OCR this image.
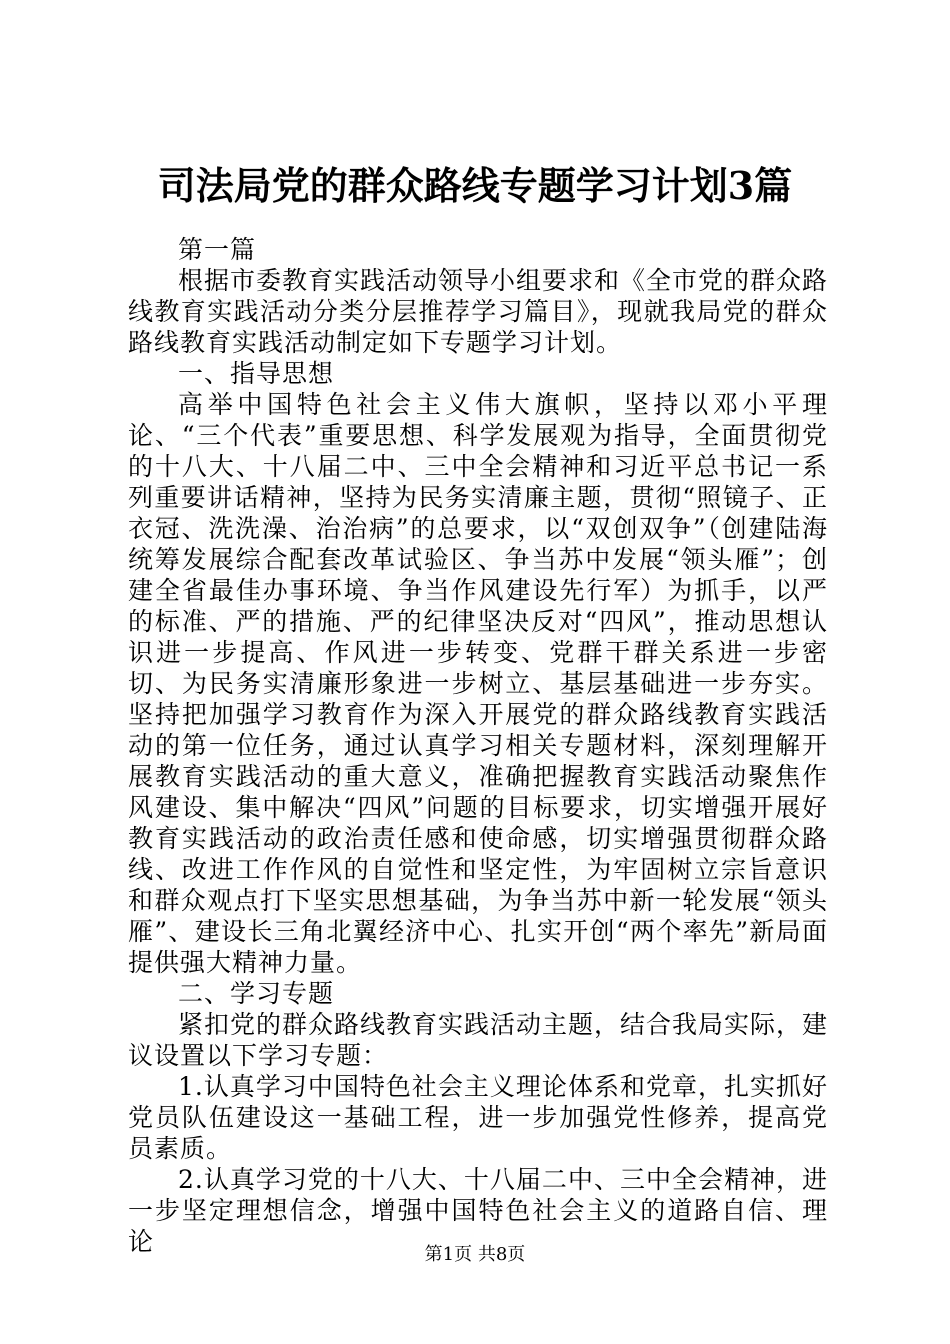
司法局党的群众路线专题学习计划3篇

第一篇

根据市委教育实践活动领导小组要求和《全市党的群众路线教育实践活动分类分层推荐学习篇目》，现就我局党的群众路线教育实践活动制定如下专题学习计划。

一、指导思想

高举中国特色社会主义伟大旗帜，坚持以邓小平理论、“三个代表”重要思想、科学发展观为指导，全面贯彻党的十八大、十八届二中、三中全会精神和习近平总书记一系列重要讲话精神，坚持为民务实清廉主题，贯彻“照镜子、正衣冠、洗洗澡、治治病”的总要求，以“双创双争”（创建陆海统筹发展综合配套改革试验区、争当苏中发展“领头雁”；创建全省最佳办事环境、争当作风建设先行军）为抓手，以严的标准、严的措施、严的纪律坚决反对“四风”，推动思想认识进一步提高、作风进一步转变、党群干群关系进一步密切、为民务实清廉形象进一步树立、基层基础进一步夯实。坚持把加强学习教育作为深入开展党的群众路线教育实践活动的第一位任务，通过认真学习相关专题材料，深刻理解开展教育实践活动的重大意义，准确把握教育实践活动聚焦作风建设、集中解决“四风”问题的目标要求，切实增强开展好教育实践活动的政治责任感和使命感，切实增强贯彻群众路线、改进工作作风的自觉性和坚定性，为牢固树立宗旨意识和群众观点打下坚实思想基础，为争当苏中新一轮发展“领头雁”、建设长三角北翼经济中心、扎实开创“两个率先”新局面提供强大精神力量。

二、学习专题

紧扣党的群众路线教育实践活动主题，结合我局实际，建议设置以下学习专题：

1.认真学习中国特色社会主义理论体系和党章，扎实抓好党员队伍建设这一基础工程，进一步加强党性修养，提高党员素质。

2.认真学习党的十八大、十八届二中、三中全会精神，进一步坚定理想信念，增强中国特色社会主义的道路自信、理论	第1页 共8页
